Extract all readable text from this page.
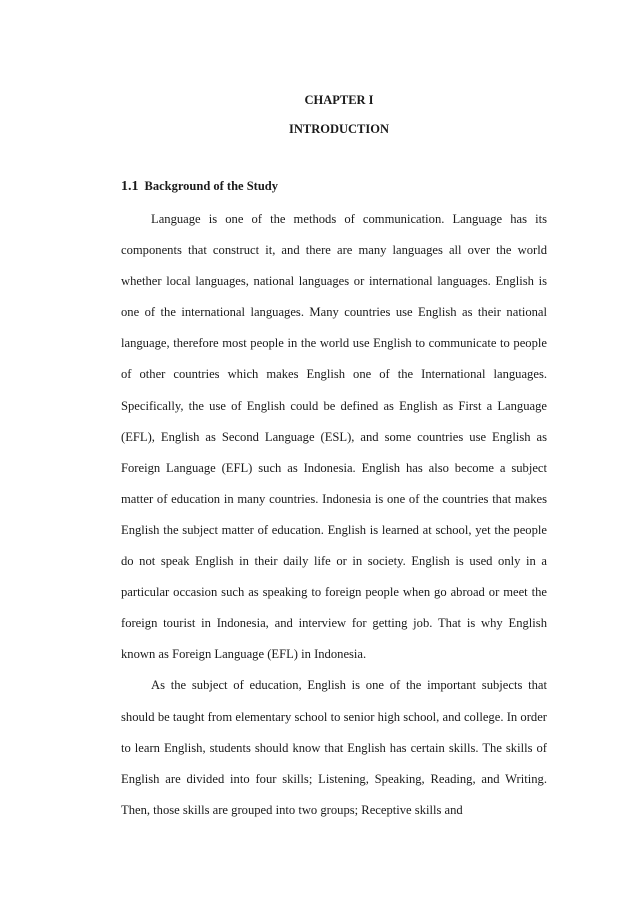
CHAPTER I
INTRODUCTION
1.1 Background of the Study

Language is one of the methods of communication. Language has its components that construct it, and there are many languages all over the world whether local languages, national languages or international languages. English is one of the international languages. Many countries use English as their national language, therefore most people in the world use English to communicate to people of other countries which makes English one of the International languages. Specifically, the use of English could be defined as English as First a Language (EFL), English as Second Language (ESL), and some countries use English as Foreign Language (EFL) such as Indonesia. English has also become a subject matter of education in many countries. Indonesia is one of the countries that makes English the subject matter of education. English is learned at school, yet the people do not speak English in their daily life or in society. English is used only in a particular occasion such as speaking to foreign people when go abroad or meet the foreign tourist in Indonesia, and interview for getting job. That is why English known as Foreign Language (EFL) in Indonesia.

As the subject of education, English is one of the important subjects that should be taught from elementary school to senior high school, and college. In order to learn English, students should know that English has certain skills. The skills of English are divided into four skills; Listening, Speaking, Reading, and Writing. Then, those skills are grouped into two groups; Receptive skills and
